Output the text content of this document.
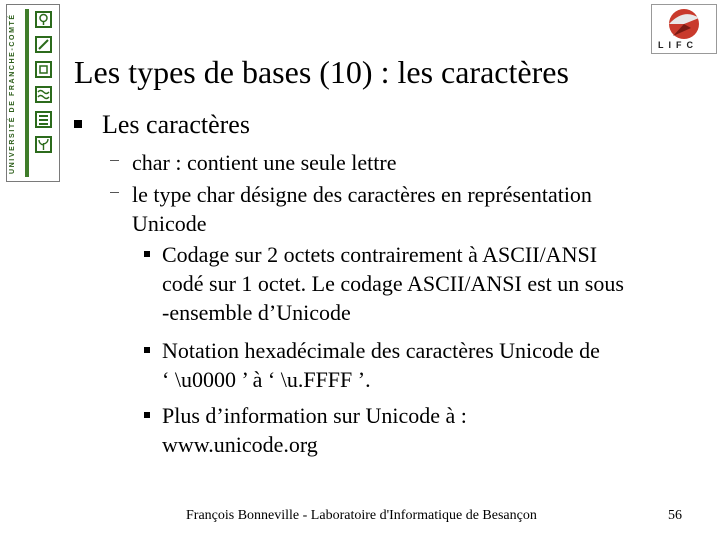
UNIVERSITÉ DE FRANCHE-COMTÉ	LIFC
Les types de bases (10) : les caractères
Les caractères
char : contient une seule lettre
le type char désigne des caractères en représentation
Unicode
Codage sur 2 octets contrairement à ASCII/ANSI
codé sur 1 octet. Le codage ASCII/ANSI est un sous
-ensemble d’Unicode
Notation hexadécimale des caractères Unicode de
‘ \u0000 ’ à ‘ \u.FFFF ’.
Plus d’information sur Unicode à :
www.unicode.org
François Bonneville - Laboratoire d'Informatique de Besançon	56
